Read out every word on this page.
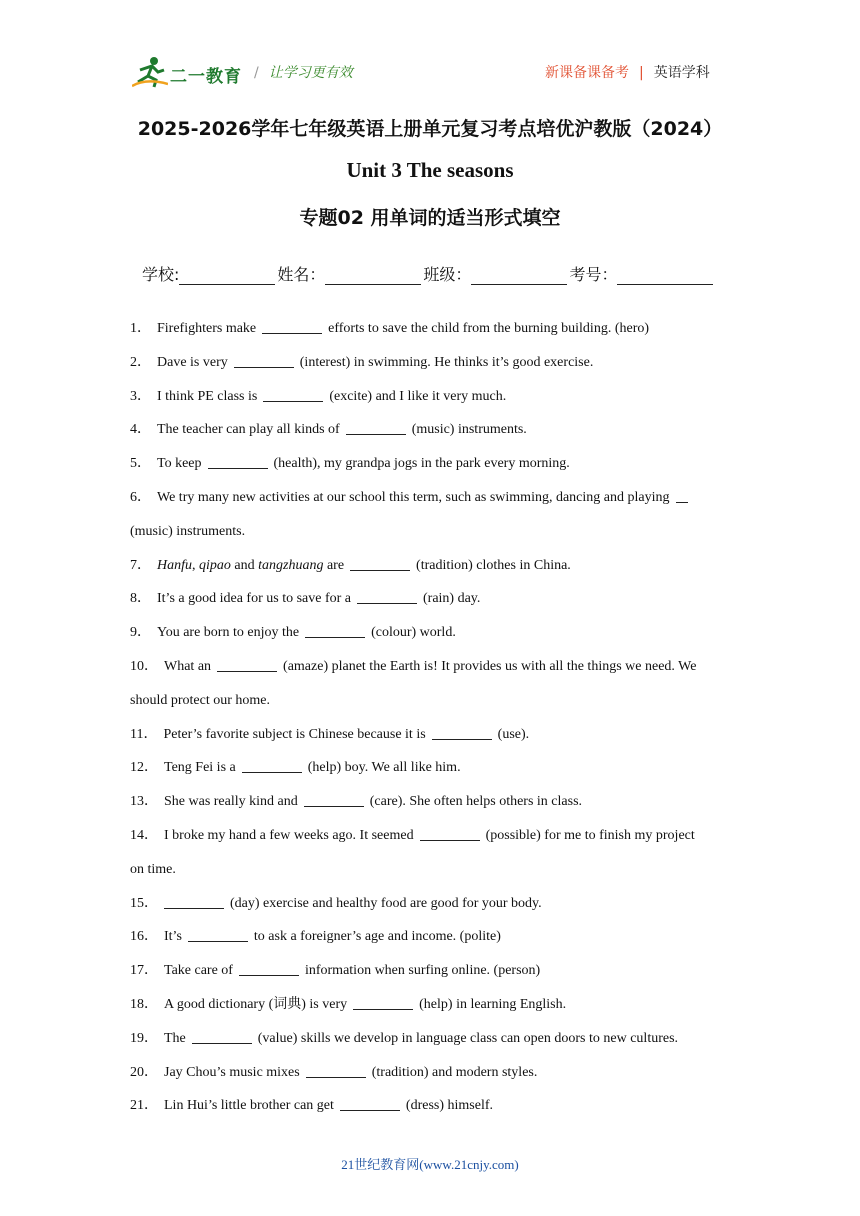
二一教育 / 让学习更有效	新课备课备考 | 英语学科
2025-2026学年七年级英语上册单元复习考点培优沪教版（2024）
Unit 3 The seasons
专题02 用单词的适当形式填空
学校:	姓名：	班级：	考号：

1． Firefighters make	efforts to save the child from the burning building. (hero)

2． Dave is very	(interest) in swimming. He thinks it’s good exercise.

3． I think PE class is	(excite) and I like it very much.

4． The teacher can play all kinds of	(music) instruments.

5． To keep	(health), my grandpa jogs in the park every morning.

6． We try many new activities at our school this term, such as swimming, dancing and playing
(music) instruments.

7． Hanfu, qipao and tangzhuang are	(tradition) clothes in China.

8． It’s a good idea for us to save for a	(rain) day.

9． You are born to enjoy the	(colour) world.

10． What an	(amaze) planet the Earth is! It provides us with all the things we need. We
should protect our home.

11． Peter’s favorite subject is Chinese because it is	(use).

12． Teng Fei is a	(help) boy. We all like him.

13． She was really kind and	(care). She often helps others in class.

14． I broke my hand a few weeks ago. It seemed	(possible) for me to finish my project
on time.

15．	(day) exercise and healthy food are good for your body.

16． It’s	to ask a foreigner’s age and income. (polite)

17． Take care of	information when surfing online. (person)

18． A good dictionary (词典) is very	(help) in learning English.

19． The	(value) skills we develop in language class can open doors to new cultures.

20． Jay Chou’s music mixes	(tradition) and modern styles.

21． Lin Hui’s little brother can get	(dress) himself.

21世纪教育网(www.21cnjy.com)
